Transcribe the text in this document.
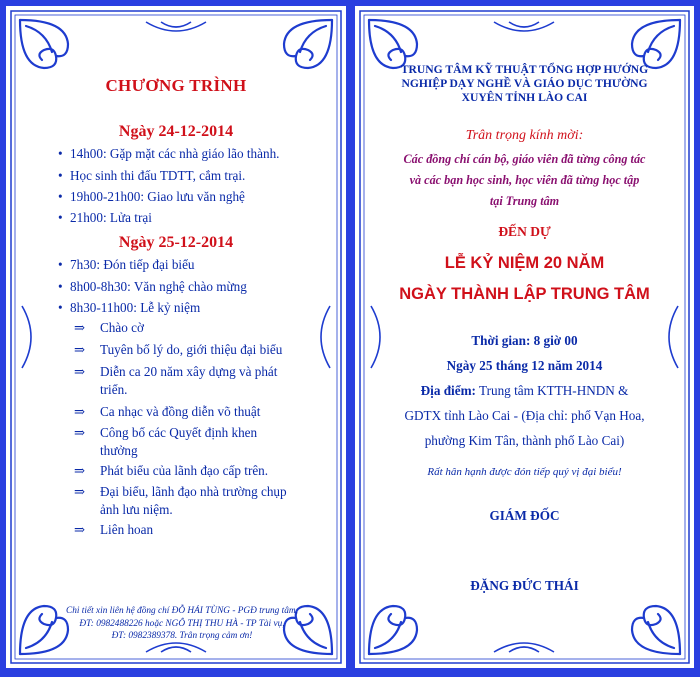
CHƯƠNG TRÌNH
Ngày 24-12-2014
• 14h00: Gặp mặt các nhà giáo lão thành.
• Học sinh thi đấu TDTT, cắm trại.
• 19h00-21h00: Giao lưu văn nghệ
• 21h00: Lửa trại
Ngày 25-12-2014
• 7h30: Đón tiếp đại biểu
• 8h00-8h30: Văn nghệ chào mừng
• 8h30-11h00: Lễ kỷ niệm
⇒ Chào cờ
⇒ Tuyên bố lý do, giới thiệu đại biểu
⇒ Diễn ca 20 năm xây dựng và phát
triển.
⇒ Ca nhạc và đồng diễn võ thuật
⇒ Công bố các Quyết định khen
thưởng
⇒ Phát biểu của lãnh đạo cấp trên.
⇒ Đại biểu, lãnh đạo nhà trường chụp
ảnh lưu niệm.
⇒ Liên hoan
Chi tiết xin liên hệ đồng chí ĐỖ HẢI TÙNG - PGĐ trung tâm,
ĐT: 0982488226 hoặc NGÔ THỊ THU HÀ - TP Tài vụ,
ĐT: 0982389378. Trân trọng cảm ơn!
TRUNG TÂM KỸ THUẬT TỔNG HỢP HƯỚNG
NGHIỆP DẠY NGHỀ VÀ GIÁO DỤC THƯỜNG
XUYÊN TỈNH LÀO CAI
Trân trọng kính mời:
Các đồng chí cán bộ, giáo viên đã từng công tác
và các bạn học sinh, học viên đã từng học tập
tại Trung tâm
ĐẾN DỰ
LỄ KỶ NIỆM 20 NĂM
NGÀY THÀNH LẬP TRUNG TÂM
Thời gian: 8 giờ 00
Ngày 25 tháng 12 năm 2014
Địa điểm: Trung tâm KTTH-HNDN &
GDTX tỉnh Lào Cai - (Địa chỉ: phố Vạn Hoa,
phường Kim Tân, thành phố Lào Cai)
Rất hân hạnh được đón tiếp quý vị đại biểu!
GIÁM ĐỐC
ĐẶNG ĐỨC THÁI
